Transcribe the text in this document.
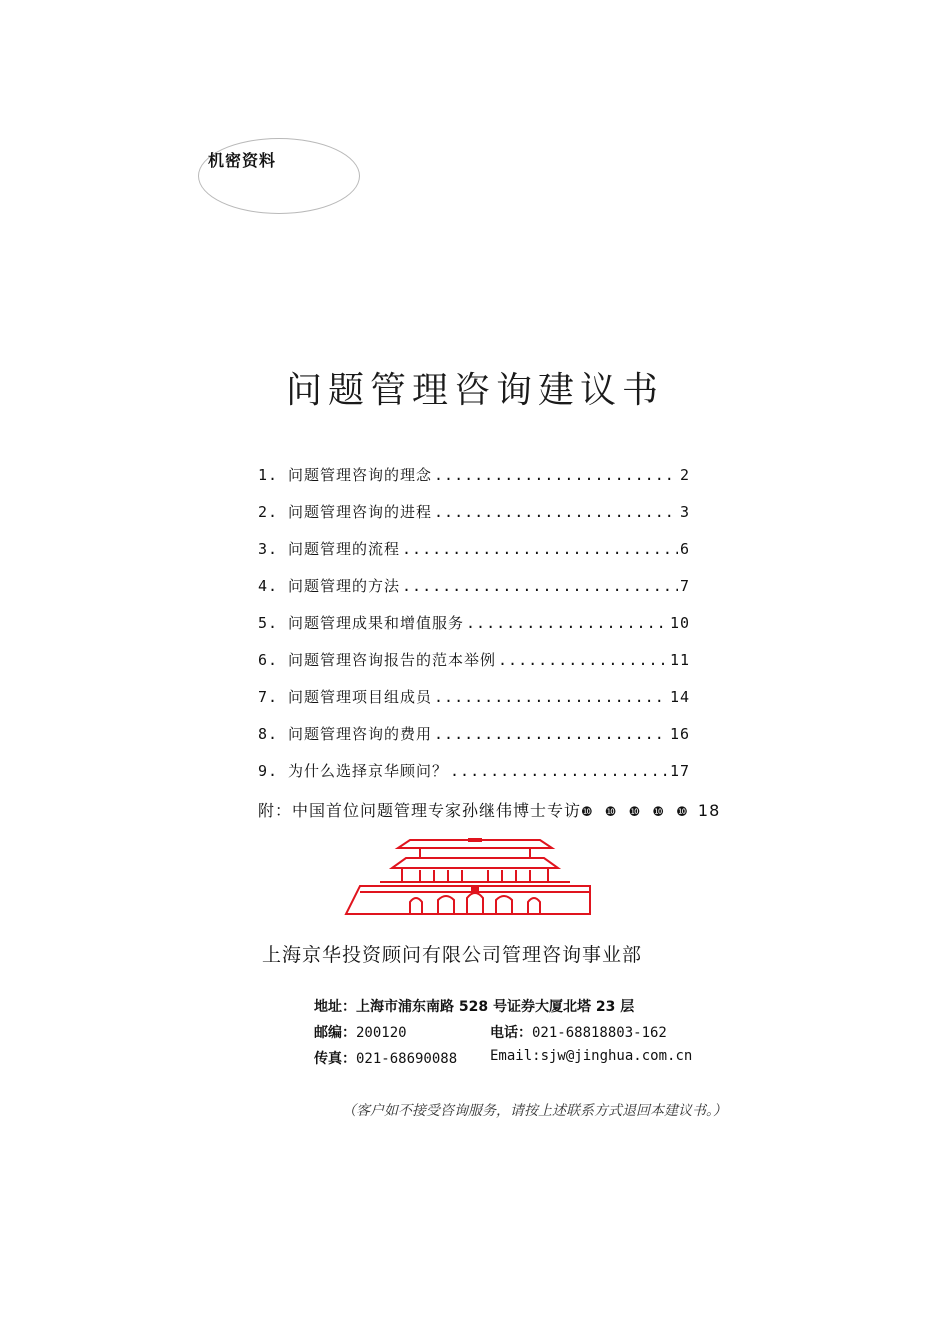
机密资料
问题管理咨询建议书
1. 问题管理咨询的理念 .....	2
2. 问题管理咨询的进程 .....	3
3. 问题管理的流程 .....	6
4. 问题管理的方法 .....	7
5. 问题管理成果和增值服务 .....	10
6. 问题管理咨询报告的范本举例 .....	11
7. 问题管理项目组成员 .....	14
8. 问题管理咨询的费用 .....	16
9. 为什么选择京华顾问？ .....	17
附：中国首位问题管理专家孙继伟博士专访❿ ❿ ❿ ❿ ❿ 18
上海京华投资顾问有限公司管理咨询事业部
地址：上海市浦东南路 528 号证券大厦北塔 23 层
邮编：200120	电话：021-68818803-162
传真：021-68690088 Email:sjw@jinghua.com.cn
（客户如不接受咨询服务，请按上述联系方式退回本建议书。）
